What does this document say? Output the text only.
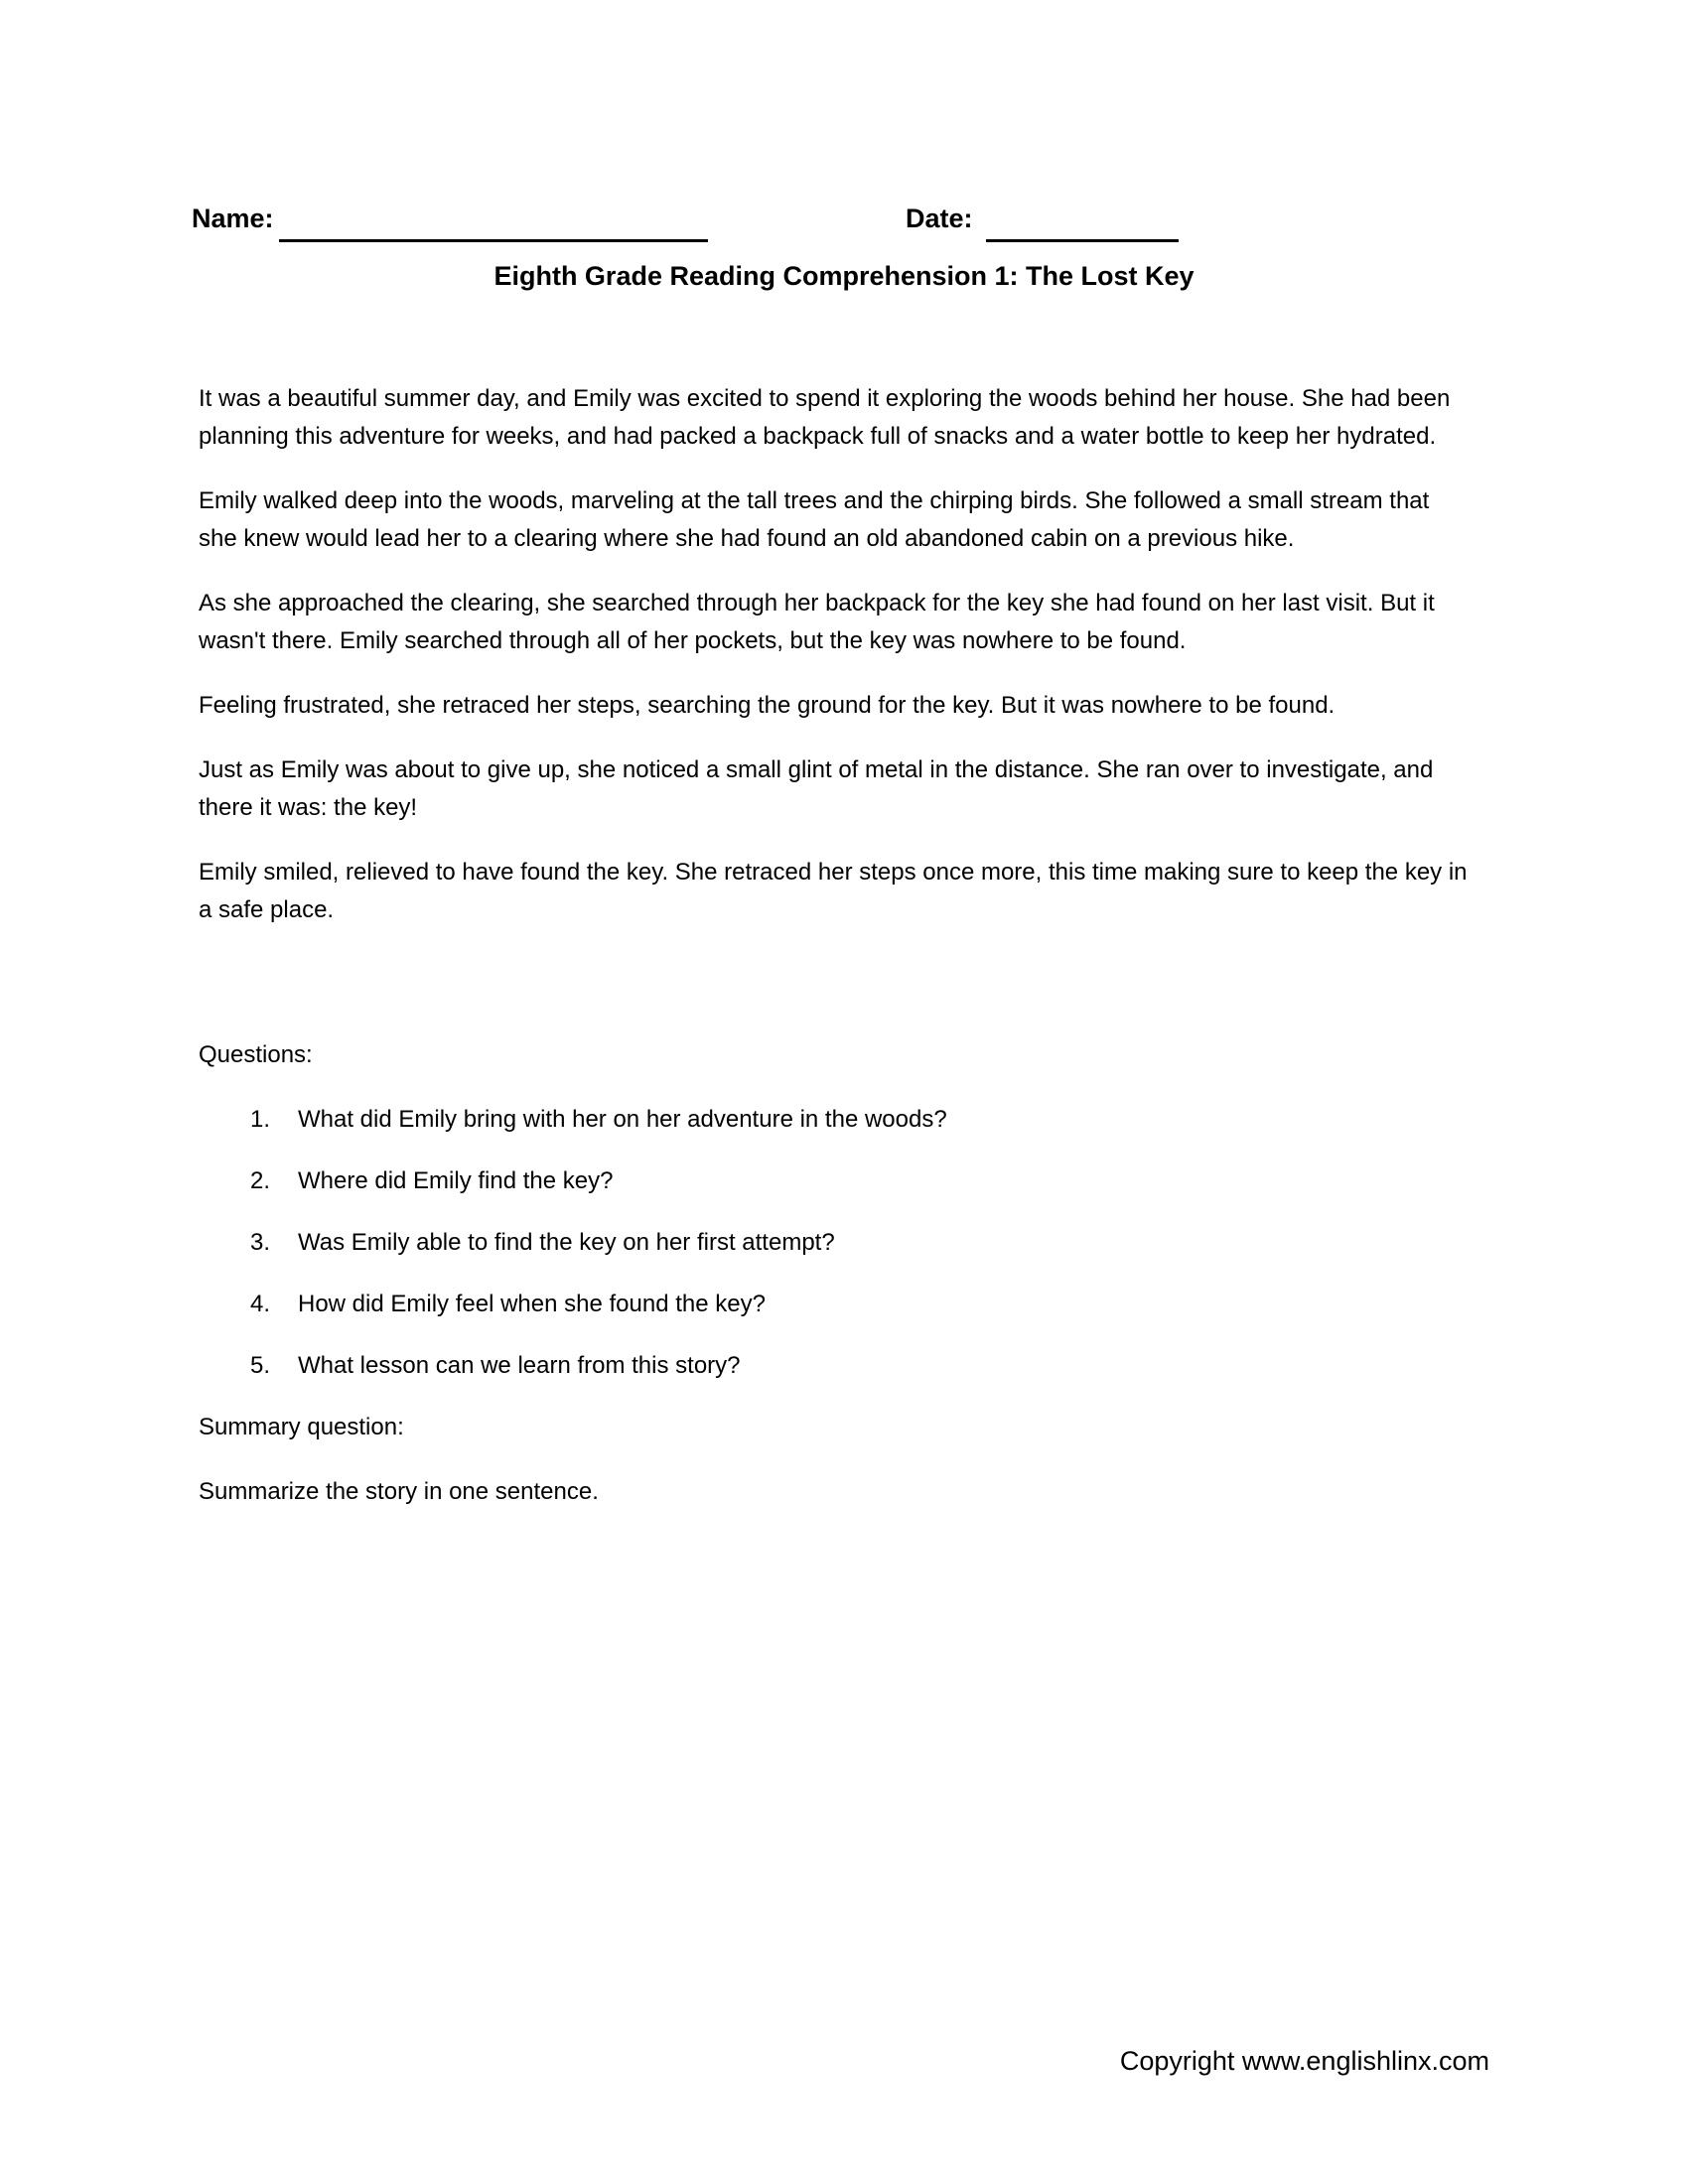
Name:	Date:
Eighth Grade Reading Comprehension 1: The Lost Key

It was a beautiful summer day, and Emily was excited to spend it exploring the woods behind her house. She had been planning this adventure for weeks, and had packed a backpack full of snacks and a water bottle to keep her hydrated.

Emily walked deep into the woods, marveling at the tall trees and the chirping birds. She followed a small stream that she knew would lead her to a clearing where she had found an old abandoned cabin on a previous hike.

As she approached the clearing, she searched through her backpack for the key she had found on her last visit. But it wasn't there. Emily searched through all of her pockets, but the key was nowhere to be found.

Feeling frustrated, she retraced her steps, searching the ground for the key. But it was nowhere to be found.

Just as Emily was about to give up, she noticed a small glint of metal in the distance. She ran over to investigate, and there it was: the key!

Emily smiled, relieved to have found the key. She retraced her steps once more, this time making sure to keep the key in a safe place.

Questions:

1.	What did Emily bring with her on her adventure in the woods?
2.	Where did Emily find the key?
3.	Was Emily able to find the key on her first attempt?
4.	How did Emily feel when she found the key?
5.	What lesson can we learn from this story?

Summary question:

Summarize the story in one sentence.

Copyright www.englishlinx.com
